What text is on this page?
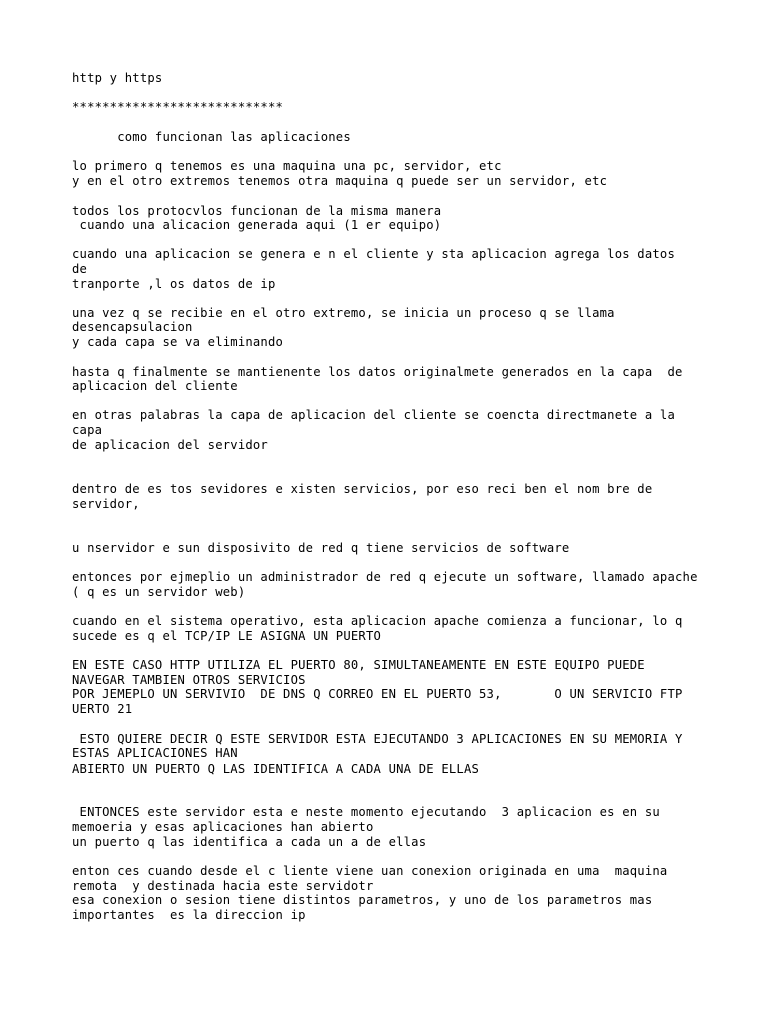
http y https

****************************

como funcionan las aplicaciones

lo primero q tenemos es una maquina una pc, servidor, etc

y en el otro extremos tenemos otra maquina q puede ser un servidor, etc

todos los protocvlos funcionan de la misma manera

cuando una alicacion generada aqui (1 er equipo)

cuando una aplicacion se genera e n el cliente y sta aplicacion agrega los datos

de

tranporte ,l os datos de ip

una vez q se recibie en el otro extremo, se inicia un proceso q se llama

desencapsulacion

y cada capa se va eliminando

hasta q finalmente se mantienente los datos originalmete generados en la capa  de

aplicacion del cliente

en otras palabras la capa de aplicacion del cliente se coencta directmanete a la

capa

de aplicacion del servidor

dentro de es tos sevidores e xisten servicios, por eso reci ben el nom bre de

servidor,

u nservidor e sun disposivito de red q tiene servicios de software

entonces por ejmeplio un administrador de red q ejecute un software, llamado apache

( q es un servidor web)

cuando en el sistema operativo, esta aplicacion apache comienza a funcionar, lo q

sucede es q el TCP/IP LE ASIGNA UN PUERTO

EN ESTE CASO HTTP UTILIZA EL PUERTO 80, SIMULTANEAMENTE EN ESTE EQUIPO PUEDE

NAVEGAR TAMBIEN OTROS SERVICIOS

POR JEMEPLO UN SERVIVIO  DE DNS Q CORREO EN EL PUERTO 53,       O UN SERVICIO FTP

UERTO 21

ESTO QUIERE DECIR Q ESTE SERVIDOR ESTA EJECUTANDO 3 APLICACIONES EN SU MEMORIA Y

ESTAS APLICACIONES HAN

ABIERTO UN PUERTO Q LAS IDENTIFICA A CADA UNA DE ELLAS

ENTONCES este servidor esta e neste momento ejecutando  3 aplicacion es en su

memoeria y esas aplicaciones han abierto

un puerto q las identifica a cada un a de ellas

enton ces cuando desde el c liente viene uan conexion originada en uma  maquina

remota  y destinada hacia este servidotr

esa conexion o sesion tiene distintos parametros, y uno de los parametros mas

importantes  es la direccion ip
